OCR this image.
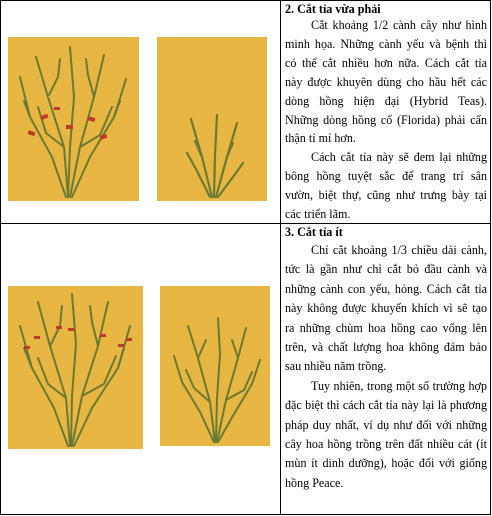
2. Cắt tỉa vừa phải

Cắt khoảng 1/2 cành cây như hình minh họa. Những cành yếu và bệnh thì có thể cắt nhiều hơn nữa. Cách cắt tỉa này được khuyên dùng cho hầu hết các dòng hồng hiện đại (Hybrid Teas). Những dòng hồng cổ (Florida) phải cẩn thận tỉ mỉ hơn.

Cách cắt tỉa này sẽ đem lại những bông hồng tuyệt sắc để trang trí sân vườn, biệt thự, cũng như trưng bày tại các triển lãm.

3. Cắt tỉa ít

Chỉ cắt khoảng 1/3 chiều dài cành, tức là gần như chỉ cắt bỏ đầu cành và những cành con yếu, hỏng. Cách cắt tỉa này không được khuyến khích vì sẽ tạo ra những chùm hoa hồng cao vống lên trên, và chất lượng hoa không đảm bảo sau nhiều năm trồng.

Tuy nhiên, trong một số trường hợp đặc biệt thì cách cắt tỉa này lại là phương pháp duy nhất, ví dụ như đối với những cây hoa hồng trồng trên đất nhiều cát (ít mùn ít dinh dưỡng), hoặc đối với giống hồng Peace.
